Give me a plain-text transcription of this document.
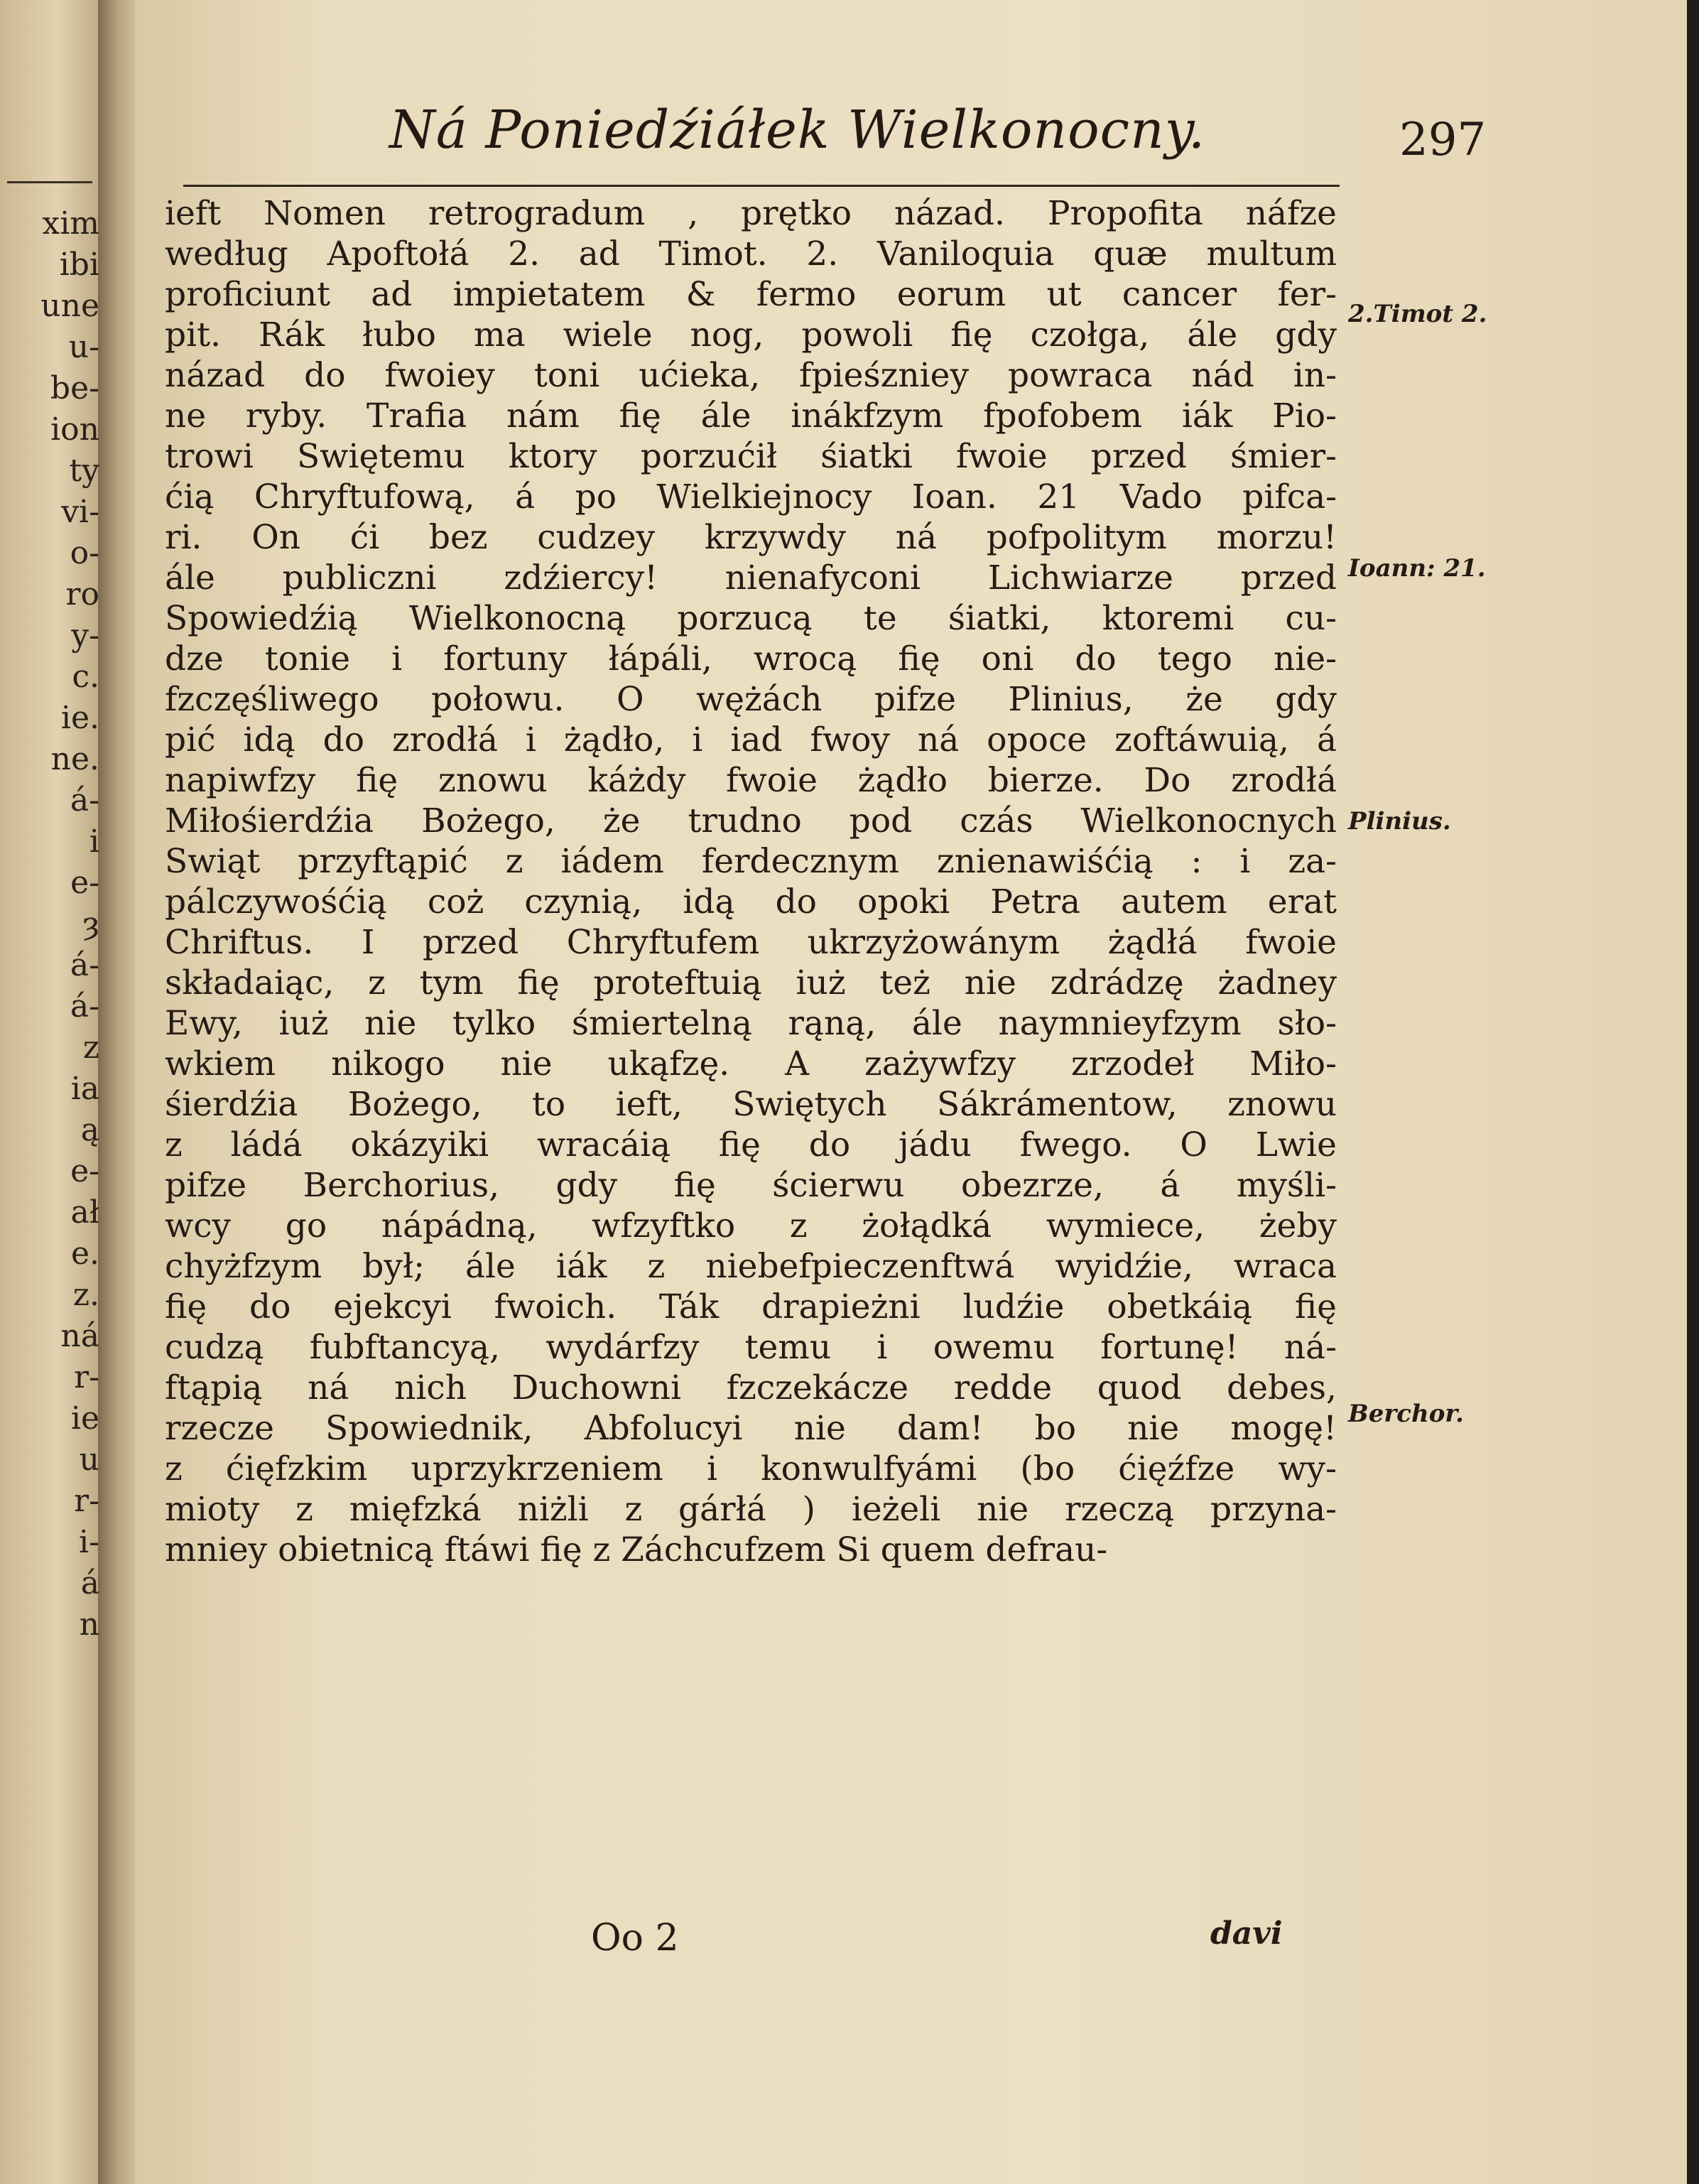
xim
ibi
une
u-
be-
ion
ty
vi-
o-
ro
y-
c.
ie.
ne.
á-
i
e-
ȝ
á-
á-
z
ia
ą
e-
ał
e.
z.
ná
r-
ie
u
r-
i-
á
n
Ná Poniedźiáłek Wielkonocny.	297
ieft Nomen retrogradum , prętko názad. Propofita náfze
według Apoftołá 2. ad Timot. 2. Vaniloquia quæ multum
proficiunt ad impietatem & fermo eorum ut cancer fer-
pit. Rák łubo ma wiele nog, powoli fię czołga, ále gdy
názad do fwoiey toni ućieka, fpieśzniey powraca nád in-
ne ryby. Trafia nám fię ále inákfzym fpofobem iák Pio-
trowi Swiętemu ktory porzućił śiatki fwoie przed śmier-
ćią Chryftufową, á po Wielkiejnocy Ioan. 21 Vado pifca-
ri. On ći bez cudzey krzywdy ná pofpolitym morzu!
ále publiczni zdźiercy! nienafyconi Lichwiarze przed
Spowiedźią Wielkonocną porzucą te śiatki, ktoremi cu-
dze tonie i fortuny łápáli, wrocą fię oni do tego nie-
fzczęśliwego połowu. O wężách pifze Plinius, że gdy
pić idą do zrodłá i żądło, i iad fwoy ná opoce zoftáwuią, á
napiwfzy fię znowu káżdy fwoie żądło bierze. Do zrodłá
Miłośierdźia Bożego, że trudno pod czás Wielkonocnych
Swiąt przyftąpić z iádem ferdecznym znienawiśćią : i za-
pálczywośćią coż czynią, idą do opoki Petra autem erat
Chriftus. I przed Chryftufem ukrzyżowánym żądłá fwoie
składaiąc, z tym fię proteftuią iuż też nie zdrádzę żadney
Ewy, iuż nie tylko śmiertelną rąną, ále naymnieyfzym sło-
wkiem nikogo nie ukąfzę. A zażywfzy zrzodeł Miło-
śierdźia Bożego, to ieft, Swiętych Sákrámentow, znowu
z ládá okázyiki wracáią fię do jádu fwego. O Lwie
pifze Berchorius, gdy fię ścierwu obezrze, á myśli-
wcy go nápádną, wfzyftko z żołądká wymiece, żeby
chyżfzym był; ále iák z niebefpieczenftwá wyidźie, wraca
fię do ejekcyi fwoich. Ták drapieżni ludźie obetkáią fię
cudzą fubftancyą, wydárfzy temu i owemu fortunę! ná-
ftąpią ná nich Duchowni fzczekácze redde quod debes,
rzecze Spowiednik, Abfolucyi nie dam! bo nie mogę!
z ćięfzkim uprzykrzeniem i konwulfyámi (bo ćięźfze wy-
mioty z mięfzká niżli z gárłá ) ieżeli nie rzeczą przyna-
mniey obietnicą ftáwi fię z Záchcufzem Si quem defrau-
2.Timot 2.
Ioann: 21.
Plinius.
Berchor.
Oo 2	davi
